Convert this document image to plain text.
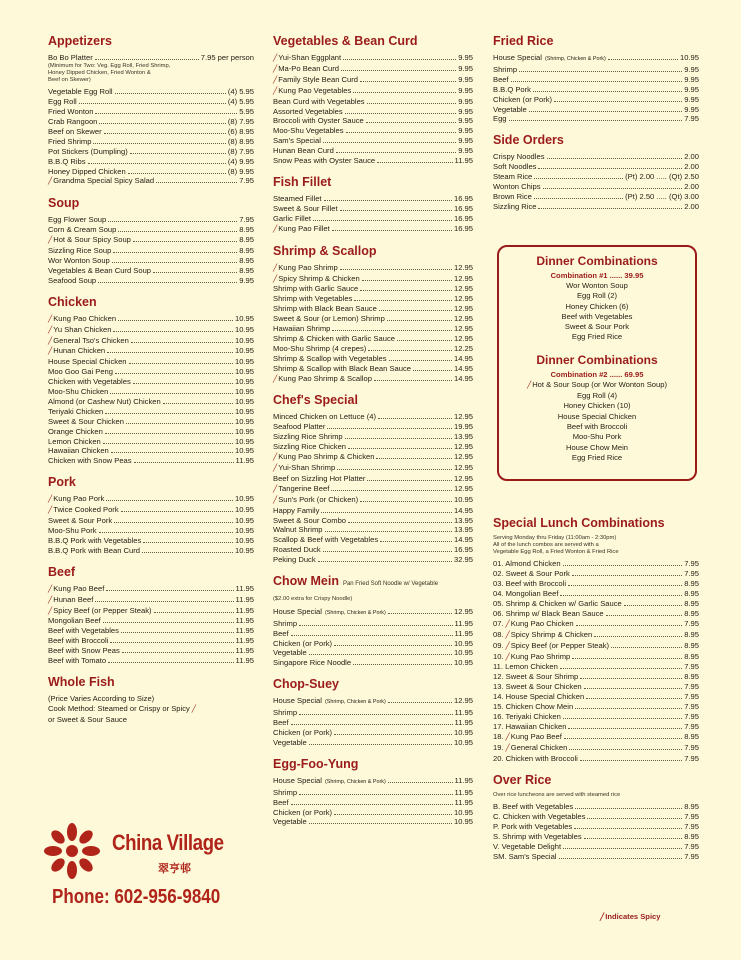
Appetizers
Bo Bo Platter	7.95 per person
(Minimum for Two: Veg. Egg Roll, Fried Shrimp,
Honey Dipped Chicken, Fried Wonton &
Beef on Skewer)
Vegetable Egg Roll	(4) 5.95
Egg Roll	(4) 5.95
Fried Wonton	5.95
Crab Rangoon	(8) 7.95
Beef on Skewer	(6) 8.95
Fried Shrimp	(8) 8.95
Pot Stickers (Dumpling)	(8) 7.95
B.B.Q Ribs	(4) 9.95
Honey Dipped Chicken	(8) 9.95
╱Grandma Special Spicy Salad	7.95
Soup
Egg Flower Soup	7.95
Corn & Cream Soup	8.95
╱Hot & Sour Spicy Soup	8.95
Sizzling Rice Soup	8.95
Wor Wonton Soup	8.95
Vegetables & Bean Curd Soup	8.95
Seafood Soup	9.95
Chicken
╱Kung Pao Chicken	10.95
╱Yu Shan Chicken	10.95
╱General Tso's Chicken	10.95
╱Hunan Chicken	10.95
House Special Chicken	10.95
Moo Goo Gai Peng	10.95
Chicken with Vegetables	10.95
Moo-Shu Chicken	10.95
Almond (or Cashew Nut) Chicken	10.95
Teriyaki Chicken	10.95
Sweet & Sour Chicken	10.95
Orange Chicken	10.95
Lemon Chicken	10.95
Hawaiian Chicken	10.95
Chicken with Snow Peas	11.95
Pork
╱Kung Pao Pork	10.95
╱Twice Cooked Pork	10.95
Sweet & Sour Pork	10.95
Moo-Shu Pork	10.95
B.B.Q Pork with Vegetables	10.95
B.B.Q Pork with Bean Curd	10.95
Beef
╱Kung Pao Beef	11.95
╱Hunan Beef	11.95
╱Spicy Beef (or Pepper Steak)	11.95
Mongolian Beef	11.95
Beef with Vegetables	11.95
Beef with Broccoli	11.95
Beef with Snow Peas	11.95
Beef with Tomato	11.95
Whole Fish
(Price Varies According to Size)
Cook Method: Steamed or Crispy or Spicy ╱
or Sweet & Sour Sauce
Vegetables & Bean Curd
╱Yui-Shan Eggplant	9.95
╱Ma-Po Bean Curd	9.95
╱Family Style Bean Curd	9.95
╱Kung Pao Vegetables	9.95
Bean Curd with Vegetables	9.95
Assorted Vegetables	9.95
Broccoli with Oyster Sauce	9.95
Moo-Shu Vegetables	9.95
Sam's Special	9.95
Hunan Bean Curd	9.95
Snow Peas with Oyster Sauce	11.95
Fish Fillet
Steamed Fillet	16.95
Sweet & Sour Fillet	16.95
Garlic Fillet	16.95
╱Kung Pao Fillet	16.95
Shrimp & Scallop
╱Kung Pao Shrimp	12.95
╱Spicy Shrimp & Chicken	12.95
Shrimp with Garlic Sauce	12.95
Shrimp with Vegetables	12.95
Shrimp with Black Bean Sauce	12.95
Sweet & Sour (or Lemon) Shrimp	12.95
Hawaiian Shrimp	12.95
Shrimp & Chicken with Garlic Sauce	12.95
Moo-Shu Shrimp (4 crepes)	12.25
Shrimp & Scallop with Vegetables	14.95
Shrimp & Scallop with Black Bean Sauce	14.95
╱Kung Pao Shrimp & Scallop	14.95
Chef's Special
Minced Chicken on Lettuce (4)	12.95
Seafood Platter	19.95
Sizzling Rice Shrimp	13.95
Sizzling Rice Chicken	12.95
╱Kung Pao Shrimp & Chicken	12.95
╱Yui-Shan Shrimp	12.95
Beef on Sizzling Hot Platter	12.95
╱Tangerine Beef	12.95
╱Sun's Pork (or Chicken)	10.95
Happy Family	14.95
Sweet & Sour Combo	13.95
Walnut Shrimp	13.95
Scallop & Beef with Vegetables	14.95
Roasted Duck	16.95
Peking Duck	32.95
Chow Mein Pan Fried Soft Noodle w/ Vegetable
($2.00 extra for Crispy Noodle)
House Special (Shrimp, Chicken & Pork)	12.95
Shrimp	11.95
Beef	11.95
Chicken (or Pork)	10.95
Vegetable	10.95
Singapore Rice Noodle	10.95
Chop-Suey
House Special (Shrimp, Chicken & Pork)	12.95
Shrimp	11.95
Beef	11.95
Chicken (or Pork)	10.95
Vegetable	10.95
Egg-Foo-Yung
House Special (Shrimp, Chicken & Pork)	11.95
Shrimp	11.95
Beef	11.95
Chicken (or Pork)	10.95
Vegetable	10.95
Fried Rice
House Special (Shrimp, Chicken & Pork)	10.95
Shrimp	9.95
Beef	9.95
B.B.Q Pork	9.95
Chicken (or Pork)	9.95
Vegetable	9.95
Egg	7.95
Side Orders
Crispy Noodles	2.00
Soft Noodles	2.00
Steam Rice	(Pt) 2.00 ..... (Qt) 2.50
Wonton Chips	2.00
Brown Rice	(Pt) 2.50 ..... (Qt) 3.00
Sizzling Rice	2.00
Dinner Combinations
Combination #1 ...... 39.95
Wor Wonton Soup
Egg Roll (2)
Honey Chicken (6)
Beef with Vegetables
Sweet & Sour Pork
Egg Fried Rice
Dinner Combinations
Combination #2 ...... 69.95
╱Hot & Sour Soup (or Wor Wonton Soup)
Egg Roll (4)
Honey Chicken (10)
House Special Chicken
Beef with Broccoli
Moo-Shu Pork
House Chow Mein
Egg Fried Rice
Special Lunch Combinations
Serving Monday thru Friday (11:00am - 2:30pm)
All of the lunch combos are served with a
Vegetable Egg Roll, a Fried Wonton & Fried Rice
01. Almond Chicken	7.95
02. Sweet & Sour Pork	7.95
03. Beef with Broccoli	8.95
04. Mongolian Beef	8.95
05. Shrimp & Chicken w/ Garlic Sauce	8.95
06. Shrimp w/ Black Bean Sauce	8.95
07. ╱Kung Pao Chicken	7.95
08. ╱Spicy Shrimp & Chicken	8.95
09. ╱Spicy Beef (or Pepper Steak)	8.95
10. ╱Kung Pao Shrimp	8.95
11. Lemon Chicken	7.95
12. Sweet & Sour Shrimp	8.95
13. Sweet & Sour Chicken	7.95
14. House Special Chicken	7.95
15. Chicken Chow Mein	7.95
16. Teriyaki Chicken	7.95
17. Hawaiian Chicken	7.95
18. ╱Kung Pao Beef	8.95
19. ╱General Chicken	7.95
20. Chicken with Broccoli	7.95
Over Rice
Over rice luncheons are served with steamed rice
B. Beef with Vegetables	8.95
C. Chicken with Vegetables	7.95
P. Pork with Vegetables	7.95
S. Shrimp with Vegetables	8.95
V. Vegetable Delight	7.95
SM. Sam's Special	7.95
China Village
翠亨邨
Phone: 602-956-9840
╱Indicates Spicy
